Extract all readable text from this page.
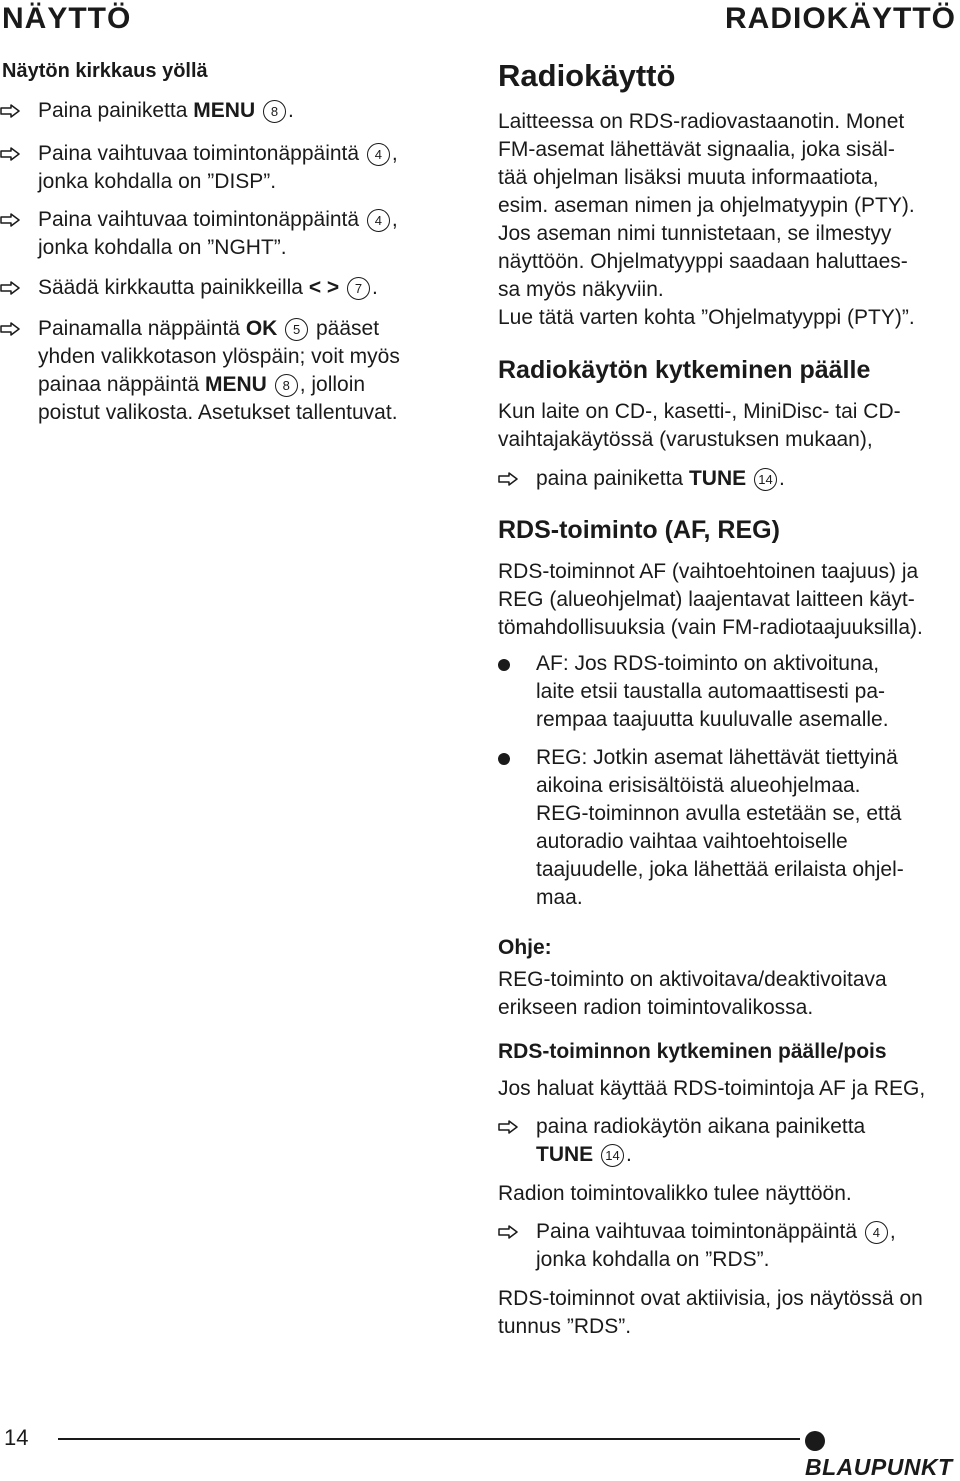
NÄYTTÖ	RADIOKÄYTTÖ
Näytön kirkkaus yöllä
Paina painiketta MENU 8 .
Paina vaihtuvaa toimintonäppäintä 4 ,
jonka kohdalla on ”DISP”.
Paina vaihtuvaa toimintonäppäintä 4 ,
jonka kohdalla on ”NGHT”.
Säädä kirkkautta painikkeilla < > 7 .
Painamalla näppäintä OK 5 pääset
yhden valikkotason ylöspäin; voit myös
painaa näppäintä MENU 8 , jolloin
poistut valikosta. Asetukset tallentuvat.
Radiokäyttö
Laitteessa on RDS-radiovastaanotin. Monet
FM-asemat lähettävät signaalia, joka sisäl-
tää ohjelman lisäksi muuta informaatiota,
esim. aseman nimen ja ohjelmatyypin (PTY).
Jos aseman nimi tunnistetaan, se ilmestyy
näyttöön. Ohjelmatyyppi saadaan haluttaes-
sa myös näkyviin.
Lue tätä varten kohta ”Ohjelmatyyppi (PTY)”.
Radiokäytön kytkeminen päälle
Kun laite on CD-, kasetti-, MiniDisc- tai CD-
vaihtajakäytössä (varustuksen mukaan),
paina painiketta TUNE 14 .
RDS-toiminto (AF, REG)
RDS-toiminnot AF (vaihtoehtoinen taajuus) ja
REG (alueohjelmat) laajentavat laitteen käyt-
tömahdollisuuksia (vain FM-radiotaajuuksilla).
AF: Jos RDS-toiminto on aktivoituna,
laite etsii taustalla automaattisesti pa-
rempaa taajuutta kuuluvalle asemalle.
REG: Jotkin asemat lähettävät tiettyinä
aikoina erisisältöistä alueohjelmaa.
REG-toiminnon avulla estetään se, että
autoradio vaihtaa vaihtoehtoiselle
taajuudelle, joka lähettää erilaista ohjel-
maa.
Ohje:
REG-toiminto on aktivoitava/deaktivoitava
erikseen radion toimintovalikossa.
RDS-toiminnon kytkeminen päälle/pois
Jos haluat käyttää RDS-toimintoja AF ja REG,
paina radiokäytön aikana painiketta
TUNE 14 .
Radion toimintovalikko tulee näyttöön.
Paina vaihtuvaa toimintonäppäintä 4 ,
jonka kohdalla on ”RDS”.
RDS-toiminnot ovat aktiivisia, jos näytössä on
tunnus ”RDS”.
14
BLAUPUNKT
